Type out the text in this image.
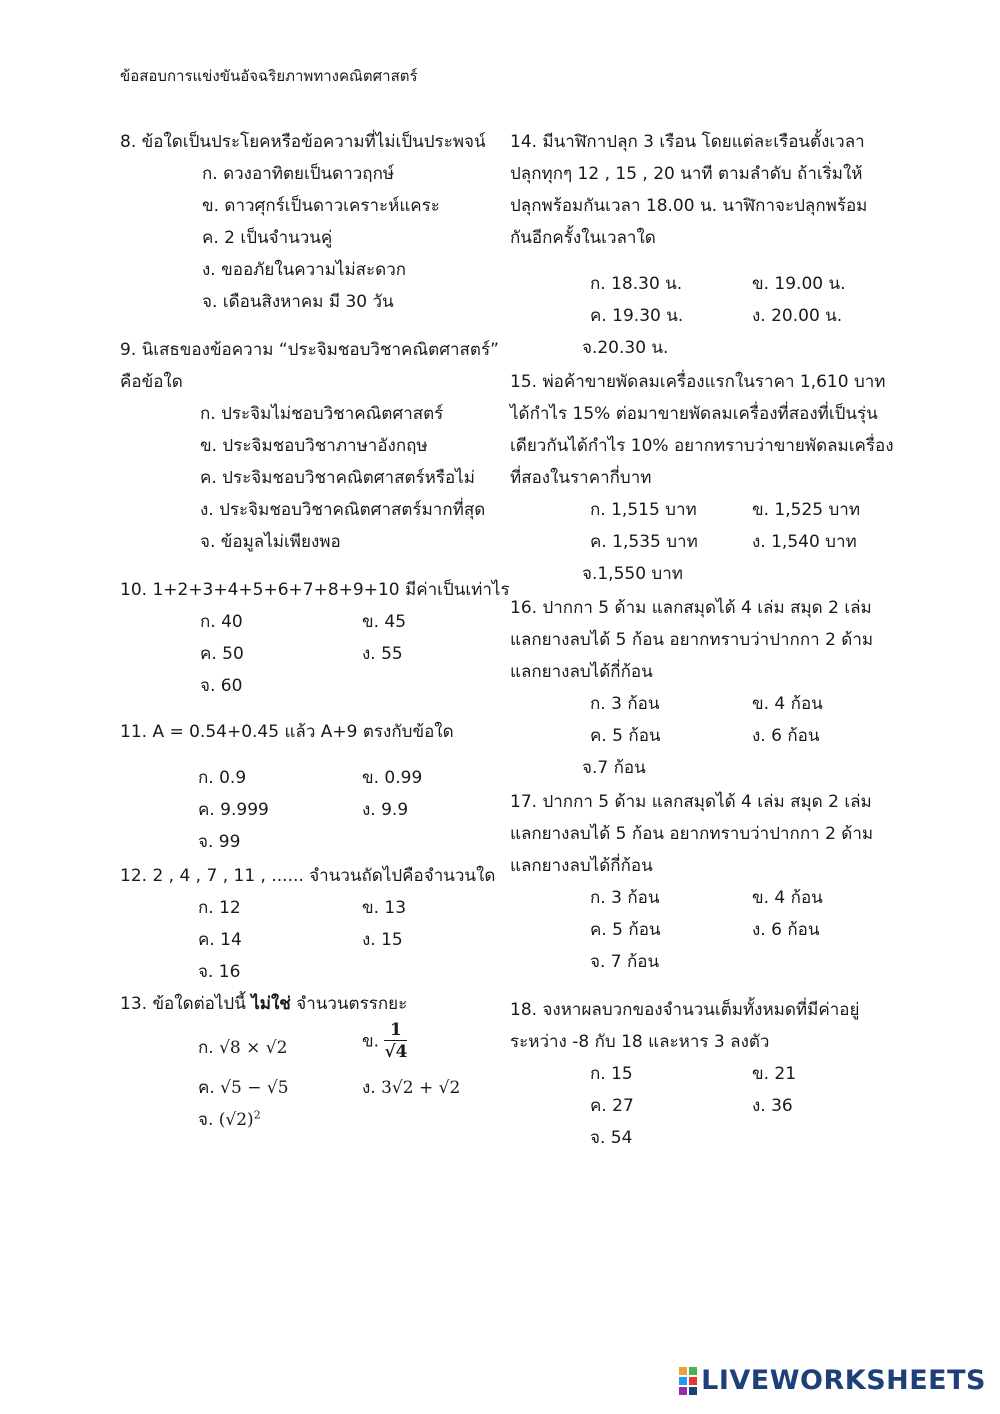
ข้อสอบการแข่งขันอัจฉริยภาพทางคณิตศาสตร์
8. ข้อใดเป็นประโยคหรือข้อความที่ไม่เป็นประพจน์
ก. ดวงอาทิตยเป็นดาวฤกษ์
ข. ดาวศุกร์เป็นดาวเคราะห์แคระ
ค. 2 เป็นจำนวนคู่
ง. ขออภัยในความไม่สะดวก
จ. เดือนสิงหาคม มี 30 วัน
9. นิเสธของข้อความ “ประจิมชอบวิชาคณิตศาสตร์”
คือข้อใด
ก. ประจิมไม่ชอบวิชาคณิตศาสตร์
ข. ประจิมชอบวิชาภาษาอังกฤษ
ค. ประจิมชอบวิชาคณิตศาสตร์หรือไม่
ง. ประจิมชอบวิชาคณิตศาสตร์มากที่สุด
จ. ข้อมูลไม่เพียงพอ
10. 1+2+3+4+5+6+7+8+9+10 มีค่าเป็นเท่าไร
ก. 40	ข. 45
ค. 50	ง. 55
จ. 60
11. A = 0.54+0.45 แล้ว A+9 ตรงกับข้อใด
ก. 0.9	ข. 0.99
ค. 9.999	ง. 9.9
จ. 99
12. 2 , 4 , 7 , 11 , ...... จำนวนถัดไปคือจำนวนใด
ก. 12	ข. 13
ค. 14	ง. 15
จ. 16
13. ข้อใดต่อไปนี้ ไม่ใช่ จำนวนตรรกยะ
ก. √8 × √2	ข. $\frac{1}{√4}$
ค. √5 − √5	ง. 3√2 + √2
จ. $(√2)^2$
14. มีนาฬิกาปลุก 3 เรือน โดยแต่ละเรือนตั้งเวลา
ปลุกทุกๆ 12 , 15 , 20 นาที ตามลำดับ ถ้าเริ่มให้
ปลุกพร้อมกันเวลา 18.00 น. นาฬิกาจะปลุกพร้อม
กันอีกครั้งในเวลาใด
ก. 18.30 น.	ข. 19.00 น.
ค. 19.30 น.	ง. 20.00 น.
จ.20.30 น.
15. พ่อค้าขายพัดลมเครื่องแรกในราคา 1,610 บาท
ได้กำไร 15% ต่อมาขายพัดลมเครื่องที่สองที่เป็นรุ่น
เดียวกันได้กำไร 10% อยากทราบว่าขายพัดลมเครื่อง
ที่สองในราคากี่บาท
ก. 1,515 บาท	ข. 1,525 บาท
ค. 1,535 บาท	ง. 1,540 บาท
จ.1,550 บาท
16. ปากกา 5 ด้าม แลกสมุดได้ 4 เล่ม สมุด 2 เล่ม
แลกยางลบได้ 5 ก้อน อยากทราบว่าปากกา 2 ด้าม
แลกยางลบได้กี่ก้อน
ก. 3 ก้อน	ข. 4 ก้อน
ค. 5 ก้อน	ง. 6 ก้อน
จ.7 ก้อน
17. ปากกา 5 ด้าม แลกสมุดได้ 4 เล่ม สมุด 2 เล่ม
แลกยางลบได้ 5 ก้อน อยากทราบว่าปากกา 2 ด้าม
แลกยางลบได้กี่ก้อน
ก. 3 ก้อน	ข. 4 ก้อน
ค. 5 ก้อน	ง. 6 ก้อน
จ. 7 ก้อน
18. จงหาผลบวกของจำนวนเต็มทั้งหมดที่มีค่าอยู่
ระหว่าง -8 กับ 18 และหาร 3 ลงตัว
ก. 15	ข. 21
ค. 27	ง. 36
จ. 54
LIVEWORKSHEETS
